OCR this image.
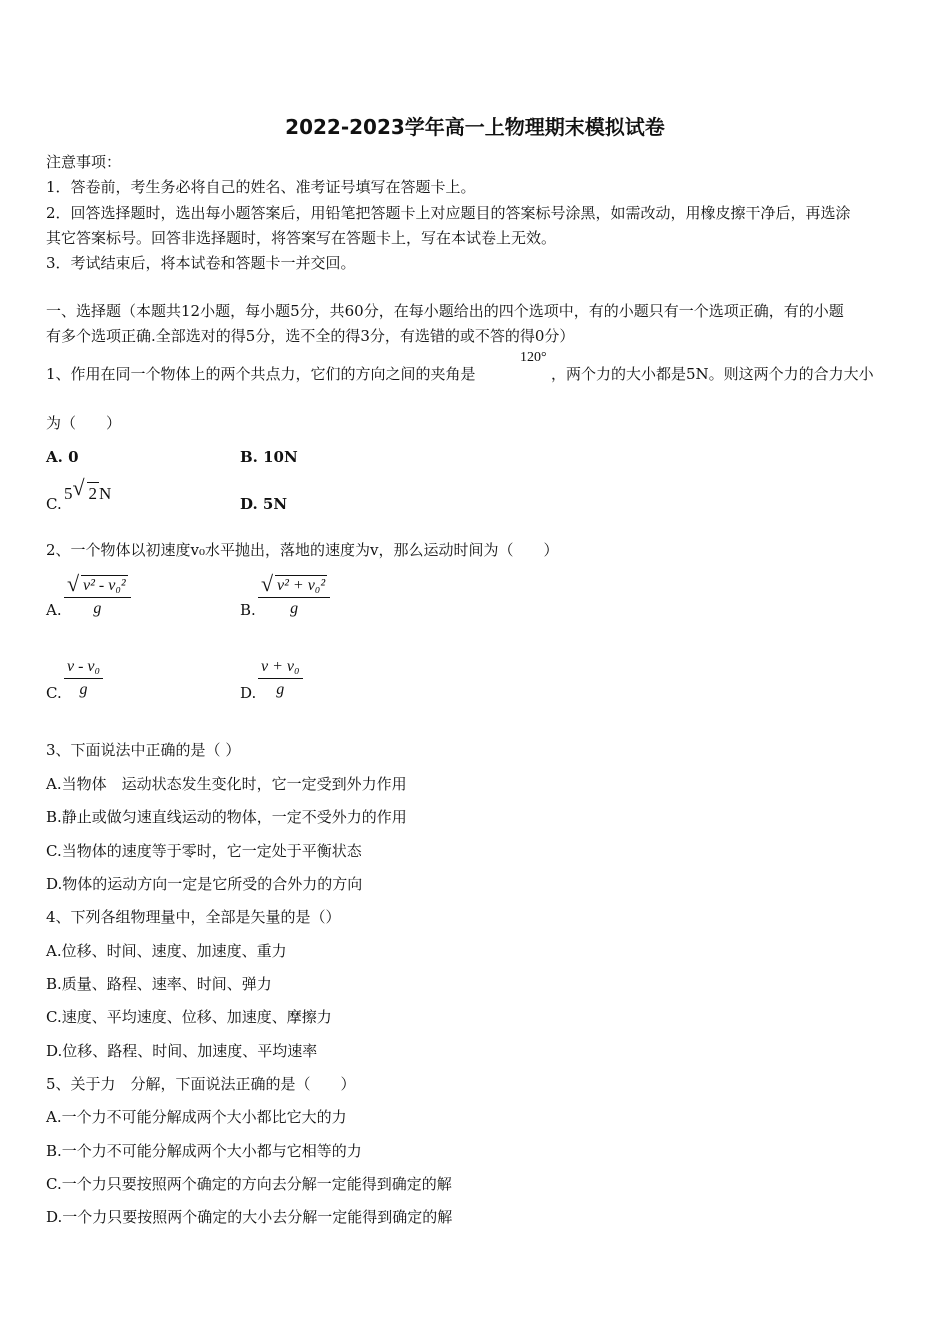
2022-2023学年高一上物理期末模拟试卷
注意事项：
1．答卷前，考生务必将自己的姓名、准考证号填写在答题卡上。
2．回答选择题时，选出每小题答案后，用铅笔把答题卡上对应题目的答案标号涂黑，如需改动，用橡皮擦干净后，再选涂
其它答案标号。回答非选择题时，将答案写在答题卡上，写在本试卷上无效。
3．考试结束后，将本试卷和答题卡一并交回。
一、选择题（本题共12小题，每小题5分，共60分，在每小题给出的四个选项中，有的小题只有一个选项正确，有的小题
有多个选项正确.全部选对的得5分，选不全的得3分，有选错的或不答的得0分）
1、作用在同一个物体上的两个共点力，它们的方向之间的夹角是
120°
，两个力的大小都是5N。则这两个力的合力大小
为（　　）
A. 0	B. 10N
C.
5 √ 2 N
D. 5N
2、一个物体以初速度v₀水平抛出，落地的速度为v，那么运动时间为（　　）
A. $\frac{\text{√ v² - v₀²}}{g}$	B. $\frac{\text{√ v² + v₀²}}{g}$
C. $\frac{\text{v - v₀}}{g}$	D. $\frac{\text{v + v₀}}{g}$
3、下面说法中正确的是（ ）
A.当物体　运动状态发生变化时，它一定受到外力作用
B.静止或做匀速直线运动的物体，一定不受外力的作用
C.当物体的速度等于零时，它一定处于平衡状态
D.物体的运动方向一定是它所受的合外力的方向
4、下列各组物理量中，全部是矢量的是（）
A.位移、时间、速度、加速度、重力
B.质量、路程、速率、时间、弹力
C.速度、平均速度、位移、加速度、摩擦力
D.位移、路程、时间、加速度、平均速率
5、关于力　分解，下面说法正确的是（　　）
A.一个力不可能分解成两个大小都比它大的力
B.一个力不可能分解成两个大小都与它相等的力
C.一个力只要按照两个确定的方向去分解一定能得到确定的解
D.一个力只要按照两个确定的大小去分解一定能得到确定的解
